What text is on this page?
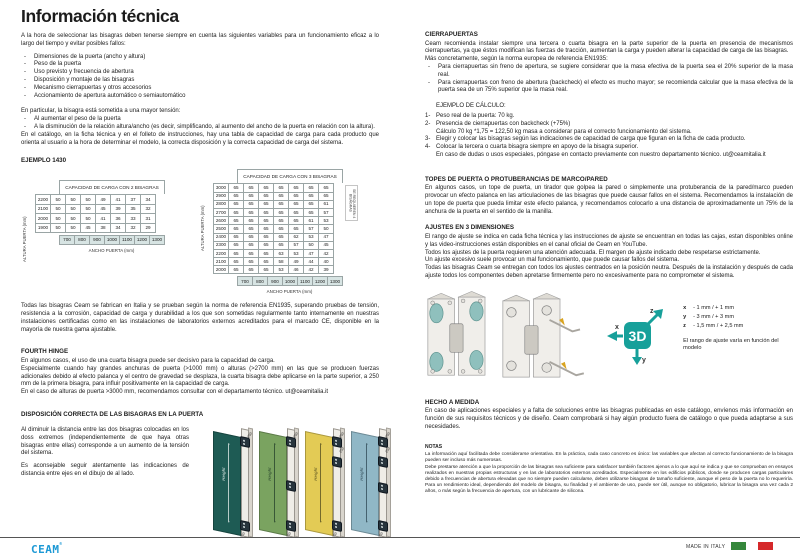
Información técnica

A la hora de seleccionar las bisagras deben tenerse siempre en cuenta las siguientes variables para un funcionamiento eficaz a lo largo del tiempo y evitar posibles fallos:

-	Dimensiones de la puerta (ancho y altura)
-	Peso de la puerta
-	Uso previsto y frecuencia de abertura
-	Disposición y montaje de las bisagras
-	Mecanismo cierrapuertas y otros accesorios
-	Accionamiento de apertura automático o semiautomático

En particular, la bisagra está sometida a una mayor tensión:

-	Al aumentar el peso de la puerta
-	A la disminución de la relación altura/ancho (es decir, simplificando, al aumento del ancho de la puerta en relación con la altura).

En el catálogo, en la ficha técnica y en el folleto de instrucciones, hay una tabla de capacidad de carga para cada producto que orienta al usuario a la hora de determinar el modelo, la correcta disposición y la correcta capacidad de carga del sistema.

EJEMPLO 1430
CAPACIDAD DE CARGA CON 2 BISAGRAS
2200	50	50	50	49	41	37	34
2100	50	50	50	45	39	35	32
2000	50	50	50	41	36	33	31
1900	50	50	45	38	34	32	29
700	800	900	1000	1100	1200	1300
ANCHO PUERTA (mm)
ALTURA PUERTA (mm)
CAPACIDAD DE CARGA CON 3 BISAGRAS
3000	65	65	65	65	65	65	65
2900	65	65	65	65	65	65	65
2800	65	65	65	65	65	65	61
2700	65	65	65	65	65	65	57
2600	65	65	65	65	65	61	53
2500	65	65	65	65	65	57	50
2400	65	65	65	65	62	53	47
2300	65	65	65	65	57	50	45
2200	65	65	65	63	53	47	42
2100	65	65	65	58	49	44	40
2000	65	65	65	53	46	42	39
700	800	900	1000	1100	1200	1300
ANCHO PUERTA (mm)
ALTURA PUERTA (mm)
SE REQUIEREN 4 BISAGRAS

Todas las bisagras Ceam se fabrican en Italia y se prueban según la norma de referencia EN1935, superando pruebas de tensión, resistencia a la corrosión, capacidad de carga y durabilidad a los que son sometidas regularmente tanto internamente en nuestras instalaciones certificadas como en las instalaciones de laboratorios externos acreditados para el marcado CE, disponible en la mayoría de nuestra gama ajustable.

FOURTH HINGE

En algunos casos, el uso de una cuarta bisagra puede ser decisivo para la capacidad de carga.

Especialmente cuando hay grandes anchuras de puerta (>1000 mm) o alturas (>2700 mm) en las que se producen fuerzas adicionales debido al efecto palanca y el centro de gravedad se desplaza, la cuarta bisagra debe aplicarse en la parte superior, a 250 mm de la primera bisagra, para influir positivamente en la capacidad de carga.

En el caso de alturas de puerta >3000 mm, recomendamos consultar con el departamento técnico. ut@ceamitalia.it

DISPOSICIÓN CORRECTA DE LAS BISAGRAS EN LA PUERTA

Al diminuir la distancia entre las dos bisagras colocadas en los doss extremos (independientemente de que haya otras bisagras entre ellas) corresponde a un aumento de la tensión del sistema.

Es aconsejable seguir atentamente las indicaciones de distancia entre ejes en el dibujo de al lado.	Height
200
200
Height
200
200
Height
200
250
200
Height
200
250
200
CIERRAPUERTAS

Ceam recomienda instalar siempre una tercera o cuarta bisagra en la parte superior de la puerta en presencia de mecanismos cierrapuertas, ya que éstos modifican las fuerzas de tracción, aumentan la carga y pueden alterar la capacidad de carga de las bisagras.

Más concretamente, según la norma europea de referencia EN1935:

-	Para cierrapuertas sin freno de apertura, se sugiere considerar que la masa efectiva de la puerta sea el 20% superior de la masa real.
-	Para cierrapuertas con freno de abertura (backcheck) el efecto es mucho mayor; se recomienda calcular que la masa efectiva de la puerta sea de un 75% superior que la masa real.

EJEMPLO DE CÁLCULO:

1- Peso real de la puerta: 70 kg.
2- Presencia de cierrapuertas con backcheck (+75%)
Cálculo 70 kg *1,75 = 122,50 kg masa a considerar para el correcto funcionamiento del sistema.
3- Elegir y colocar las bisagras según las indicaciones de capacidad de carga que figuran en la ficha de cada producto.
4- Colocar la tercera o cuarta bisagra siempre en apoyo de la bisagra superior.
En caso de dudas o usos especiales, póngase en contacto previamente con nuestro departamento técnico. ut@ceamitalia.it
TOPES DE PUERTA O PROTUBERANCIAS DE MARCO/PARED

En algunos casos, un tope de puerta, un tirador que golpea la pared o simplemente una protuberancia de la pared/marco pueden provocar un efecto palanca en las articulaciones de las bisagras que puede causar fallos en el sistema. Recomendamos la instalación de un tope de puerta que pueda limitar este efecto palanca, y recomendamos colocarlo a una distancia de aproximadamente un 75% de la anchura de la puerta en el sentido de la manilla.

AJUSTES EN 3 DIMENSIONES

El rango de ajuste se indica en cada ficha técnica y las instrucciones de ajuste se encuentran en todas las cajas, estan disponibles online y las video-instrucciones están disponibles en el canal oficial de Ceam en YouTube.

Todos los ajustes de la puerta requieren una atención adecuada. El margen de ajuste indicado debe respetarse estrictamente.

Un ajuste excesivo suele provocar un mal funcionamiento, que puede causar fallos del sistema.

Todas las bisagras Ceam se entregan con todos los ajustes centrados en la posición neutra. Después de la instalación y después de cada ajuste todos los componentes deben apretarse firmemente pero no excesivamente para no comprometer el sistema.

z
x
y
3D
x	- 1 mm / + 1 mm
y	- 3 mm / + 3 mm
z	- 1,5 mm / + 2,5 mm
El rango de ajuste varía en función del modelo
HECHO A MEDIDA

En caso de aplicaciones especiales y a falta de soluciones entre las bisagras publicadas en este catálogo, envíenos más información en función de sus requisitos técnicos y de diseño. Ceam comprobará si hay algún producto fuera de catálogo o que pueda adaptarse a sus necesidades.

NOTAS

La información aquí facilitada debe considerarse orientativa. En la práctica, cada caso concreto es único: las variables que afectan al correcto funcionamiento de la bisagra pueden ser incluso más numerosas.

Debe prestarse atención a que la proporción de las bisagras sea suficiente para satisfacer también factores ajenos a lo que aquí se indica y que se comprueban en ensayos realizados en nuestras propias estructuras y en las de laboratorios externos acreditados. Especialmente en los edificios públicos, donde se producen cargas particulares debido a frecuencias de abertura elevadas que no siempre pueden calcularse, deben utilizarse bisagras de tamaño suficiente, aunque el peso de la puerta no lo requeriría. Para un rendimiento ideal, dependiendo del modelo de bisagra, su finalidad y el ambiente de uso, puede ser útil, aunque no obligatorio, lubricar la bisagra una vez cada 2 años, o más según la frecuencia de apertura, con un lubricante de silicona.

CEAM®
MADE IN ITALY
